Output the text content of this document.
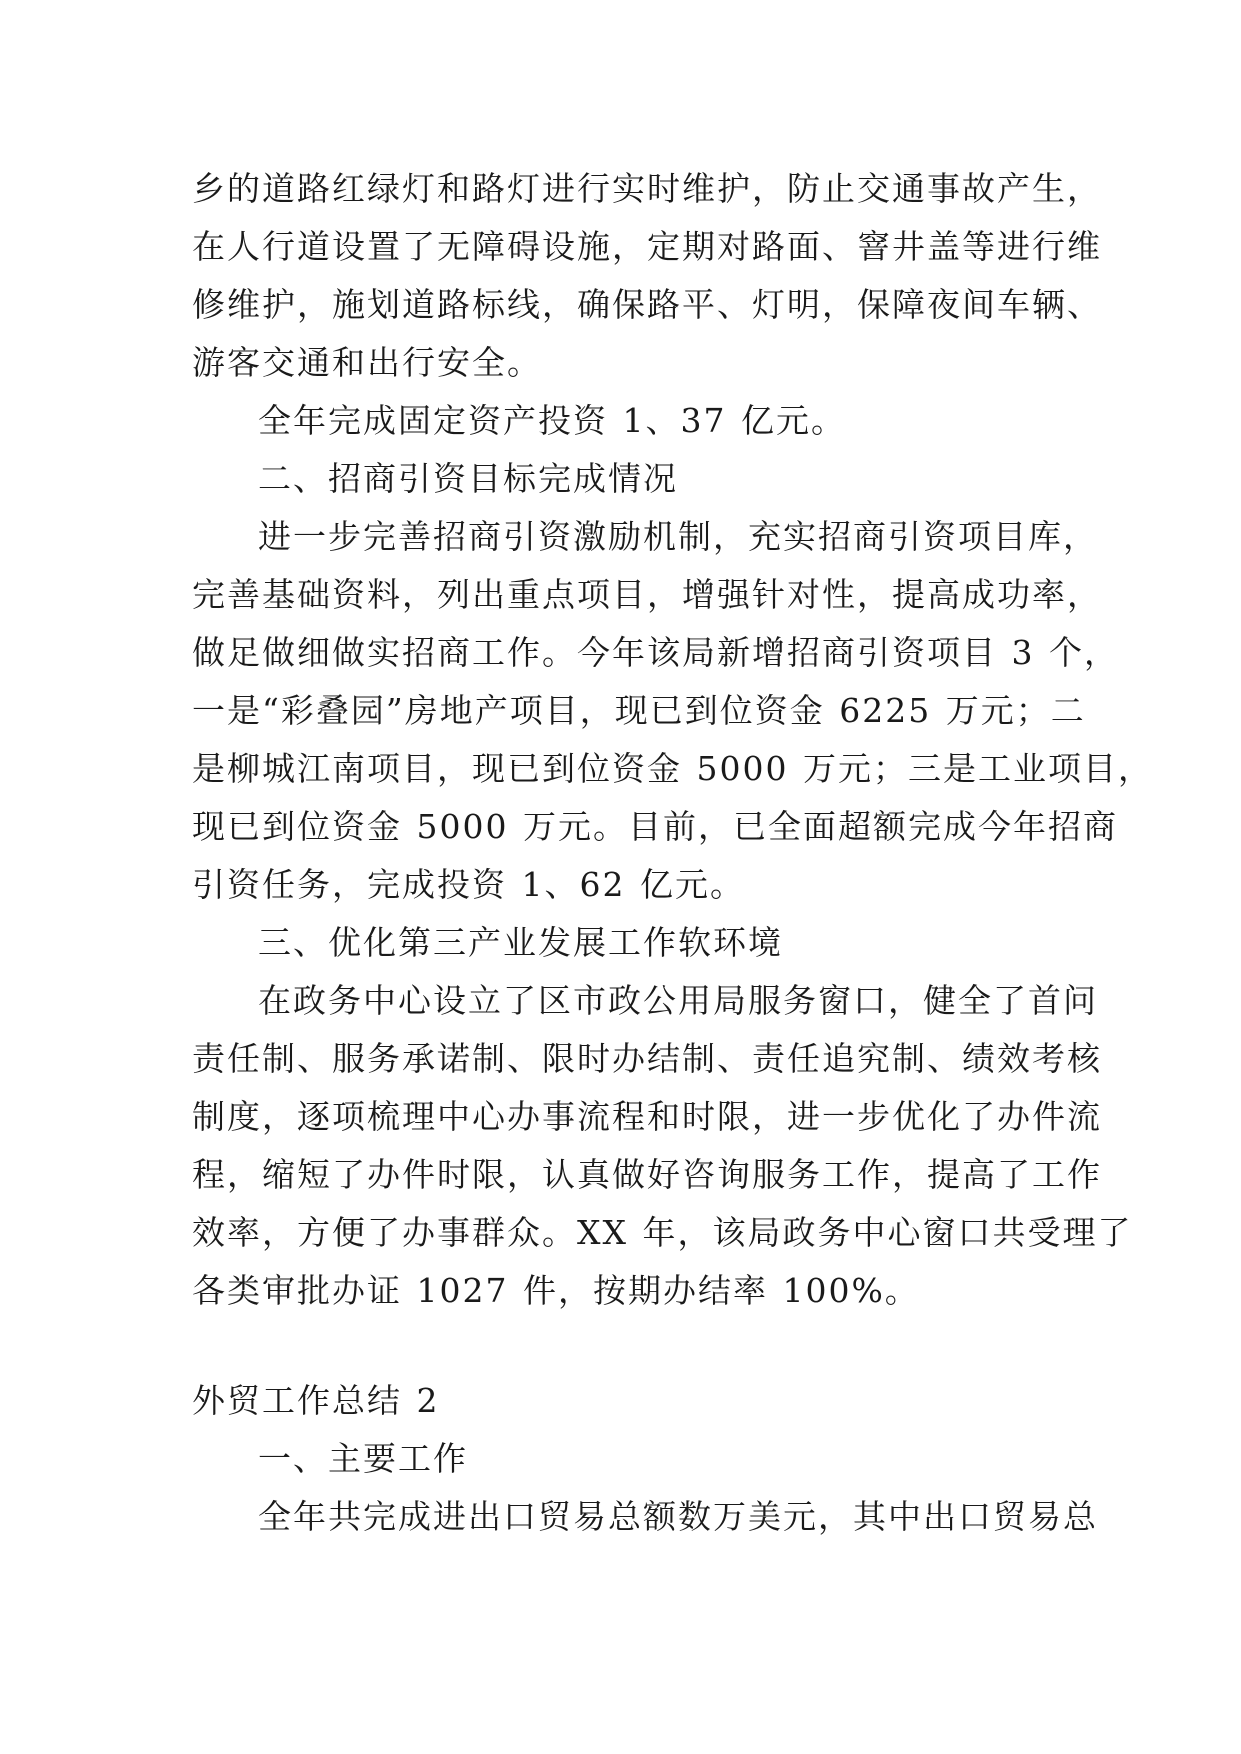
乡的道路红绿灯和路灯进行实时维护，防止交通事故产生，
在人行道设置了无障碍设施，定期对路面、窨井盖等进行维
修维护，施划道路标线，确保路平、灯明，保障夜间车辆、
游客交通和出行安全。
全年完成固定资产投资 1、37 亿元。
二、招商引资目标完成情况
进一步完善招商引资激励机制，充实招商引资项目库，
完善基础资料，列出重点项目，增强针对性，提高成功率，
做足做细做实招商工作。今年该局新增招商引资项目 3 个，
一是“彩叠园”房地产项目，现已到位资金 6225 万元；二
是柳城江南项目，现已到位资金 5000 万元；三是工业项目，
现已到位资金 5000 万元。目前，已全面超额完成今年招商
引资任务，完成投资 1、62 亿元。
三、优化第三产业发展工作软环境
在政务中心设立了区市政公用局服务窗口，健全了首问
责任制、服务承诺制、限时办结制、责任追究制、绩效考核
制度，逐项梳理中心办事流程和时限，进一步优化了办件流
程，缩短了办件时限，认真做好咨询服务工作，提高了工作
效率，方便了办事群众。XX 年，该局政务中心窗口共受理了
各类审批办证 1027 件，按期办结率 100%。
外贸工作总结 2
一、主要工作
全年共完成进出口贸易总额数万美元，其中出口贸易总
